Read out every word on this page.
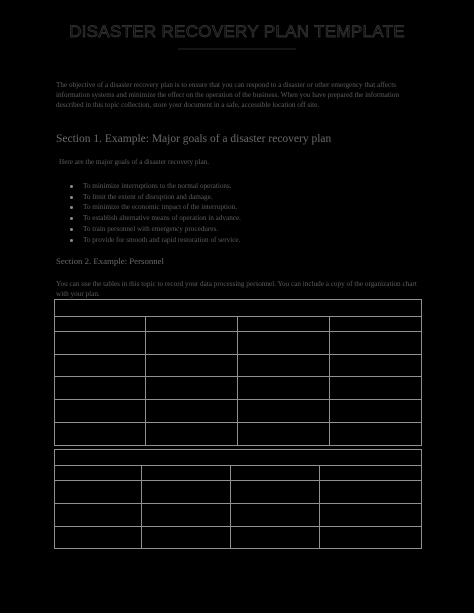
DISASTER RECOVERY PLAN TEMPLATE

The objective of a disaster recovery plan is to ensure that you can respond to a disaster or other emergency that affects information systems and minimize the effect on the operation of the business. When you have prepared the information described in this topic collection, store your document in a safe, accessible location off site.

Section 1. Example: Major goals of a disaster recovery plan
Here are the major goals of a disaster recovery plan.
To minimize interruptions to the normal operations.
To limit the extent of disruption and damage.
To minimize the economic impact of the interruption.
To establish alternative means of operation in advance.
To train personnel with emergency procedures.
To provide for smooth and rapid restoration of service.
Section 2. Example: Personnel

You can use the tables in this topic to record your data processing personnel. You can include a copy of the organization chart with your plan.
